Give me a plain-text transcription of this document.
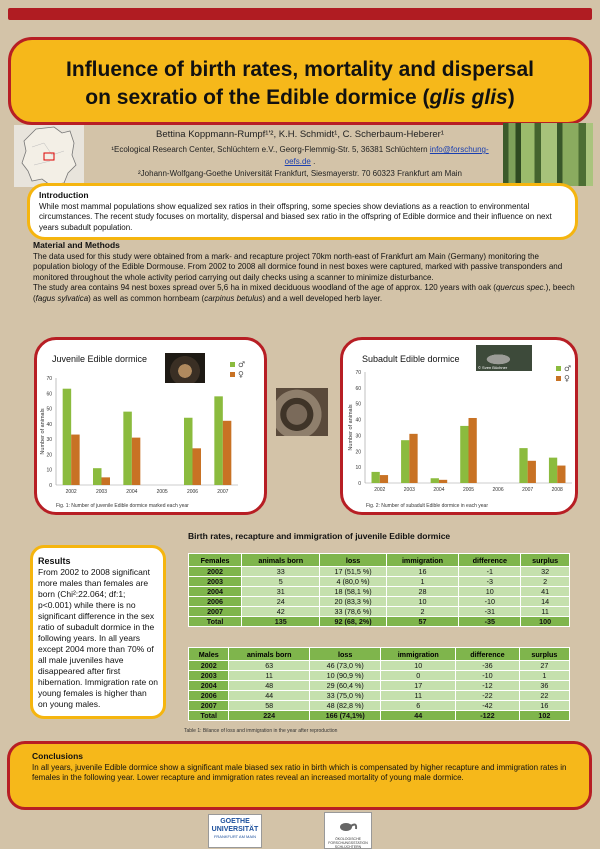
Influence of birth rates, mortality and dispersal
on sexratio of the Edible dormice (glis glis)
Bettina Koppmann-Rumpf¹ʹ², K.H. Schmidt¹, C. Scherbaum-Heberer¹
¹Ecological Research Center, Schlüchtern e.V., Georg-Flemmig-Str. 5, 36381 Schlüchtern info@forschung-oefs.de .
²Johann-Wolfgang-Goethe Universität Frankfurt, Siesmayerstr. 70 60323 Frankfurt am Main
Introduction
While most mammal populations show equalized sex ratios in their offspring, some species show deviations as a reaction to environmental circumstances. The recent study focuses on mortality, dispersal and biased sex ratio in the offspring of Edible dormice and their influence on next years subadult population.
Material and Methods
The data used for this study were obtained from a mark- and recapture project 70km north-east of Frankfurt am Main (Germany) monitoring the population biology of the Edible Dormouse. From 2002 to 2008 all dormice found in nest boxes were captured, marked with passive transponders and monitored throughout the whole activity period carrying out daily checks using a scanner to minimize disturbance.
The study area contains 94 nest boxes spread over 5,6 ha in mixed deciduous woodland of the age of approx. 120 years with oak (quercus spec.), beech (fagus sylvatica) as well as common hornbeam (carpinus betulus) and a well developed herb layer.
Juvenile Edible dormice
0
10
20
30
40
50
60
70
Number of animals
2002	2003	2004	2005	2006	2007
♂
♀
Fig. 1: Number of juvenile Edible dormice marked each year
Subadult Edible dormice
0
10
20
30
40
50
60
70
Number of animals
2002	2003	2004	2005	2006	2007	2008
♂
♀
Fig. 2: Number of subadult Edible dormice in each year
© Sven Büchner
Results
From 2002 to 2008 significant more males than females are born (Chi²:22.064; df:1; p<0.001) while there is no significant difference in the sex ratio of subadult dormice in the following years. In all years except 2004 more than 70% of all male juveniles have disappeared after first hibernation. Immigration rate on young females is higher than on young males.
Birth rates, recapture and immigration of juvenile Edible dormice
Females	animals born	loss	immigration	difference	surplus
2002	33	17 (51,5 %)	16	-1	32
2003	5	4 (80,0 %)	1	-3	2
2004	31	18 (58,1 %)	28	10	41
2006	24	20 (83,3 %)	10	-10	14
2007	42	33 (78,6 %)	2	-31	11
Total	135	92 (68, 2%)	57	-35	100
Males	animals born	loss	immigration	difference	surplus
2002	63	46 (73,0 %)	10	-36	27
2003	11	10 (90,9 %)	0	-10	1
2004	48	29 (60,4 %)	17	-12	36
2006	44	33 (75,0 %)	11	-22	22
2007	58	48 (82,8 %)	6	-42	16
Total	224	166 (74,1%)	44	-122	102
Table 1: Bilance of loss and immigration in the year after reproduction
Conclusions
In all years, juvenile Edible dormice show a significant male biased sex ratio in birth which is compensated by higher recapture and immigration rates in females in the following year. Lower recapture and immigration rates reveal an increased mortality of young male dormice.
GOETHE
UNIVERSITÄT
FRANKFURT AM MAIN	ÖKOLOGISCHE FORSCHUNGSSTATION SCHLÜCHTERN
